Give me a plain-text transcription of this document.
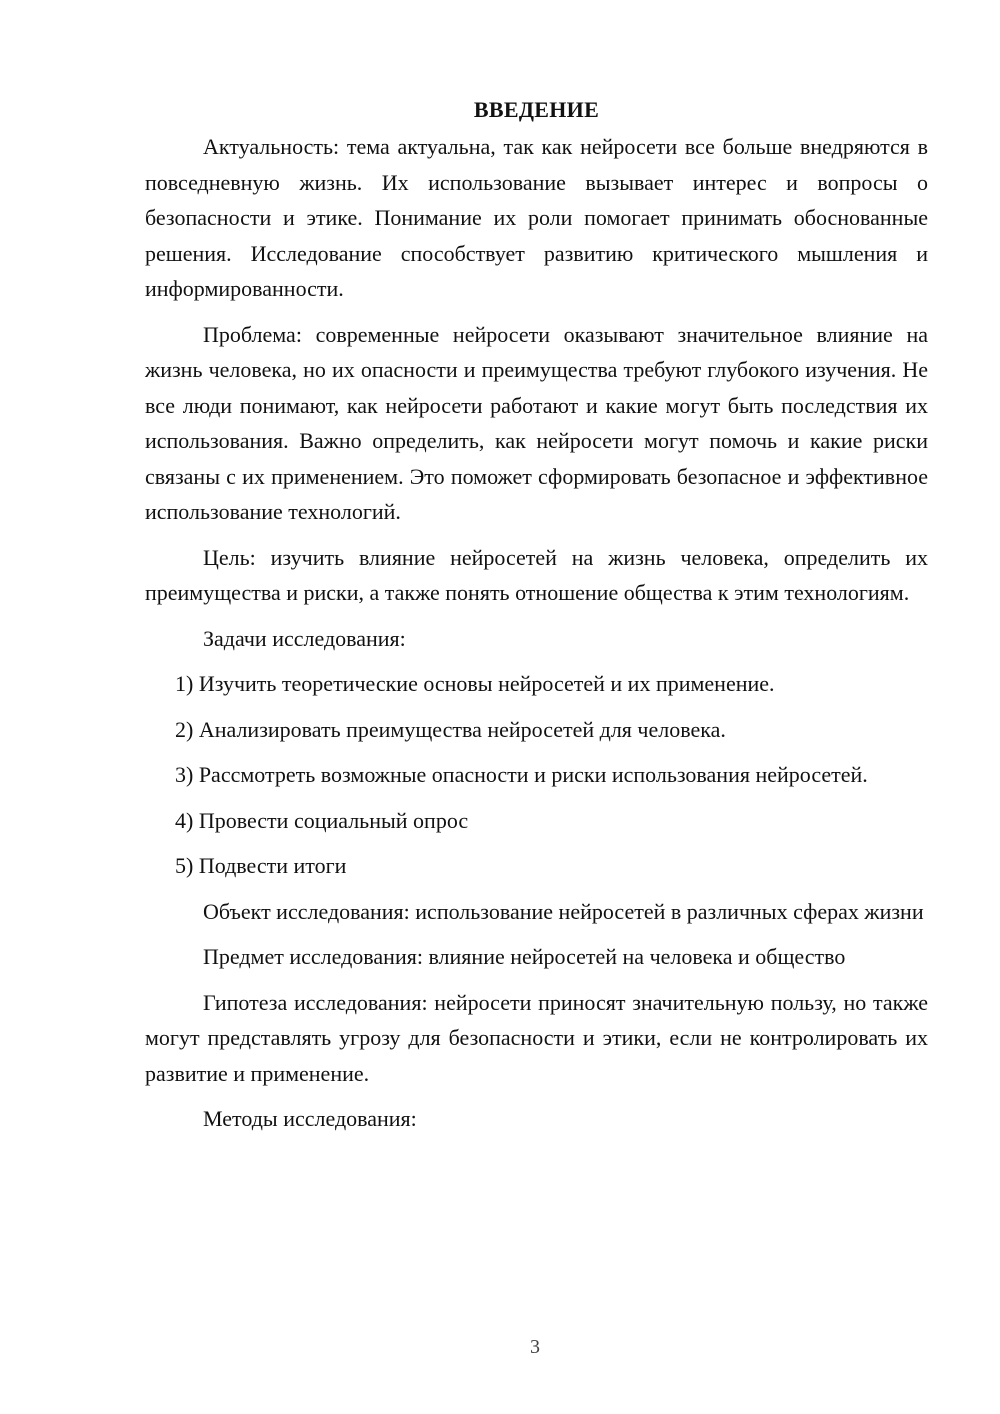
ВВЕДЕНИЕ

Актуальность: тема актуальна, так как нейросети все больше внедряются в повседневную жизнь. Их использование вызывает интерес и вопросы о безопасности и этике. Понимание их роли помогает принимать обоснованные решения. Исследование способствует развитию критического мышления и информированности.

Проблема: современные нейросети оказывают значительное влияние на жизнь человека, но их опасности и преимущества требуют глубокого изучения. Не все люди понимают, как нейросети работают и какие могут быть последствия их использования. Важно определить, как нейросети могут помочь и какие риски связаны с их применением. Это поможет сформировать безопасное и эффективное использование технологий.

Цель: изучить влияние нейросетей на жизнь человека, определить их преимущества и риски, а также понять отношение общества к этим технологиям.

Задачи исследования:

1) Изучить теоретические основы нейросетей и их применение.

2) Анализировать преимущества нейросетей для человека.

3) Рассмотреть возможные опасности и риски использования нейросетей.

4) Провести социальный опрос

5) Подвести итоги

Объект исследования: использование нейросетей в различных сферах жизни

Предмет исследования: влияние нейросетей на человека и общество

Гипотеза исследования: нейросети приносят значительную пользу, но также могут представлять угрозу для безопасности и этики, если не контролировать их развитие и применение.

Методы исследования:

3
